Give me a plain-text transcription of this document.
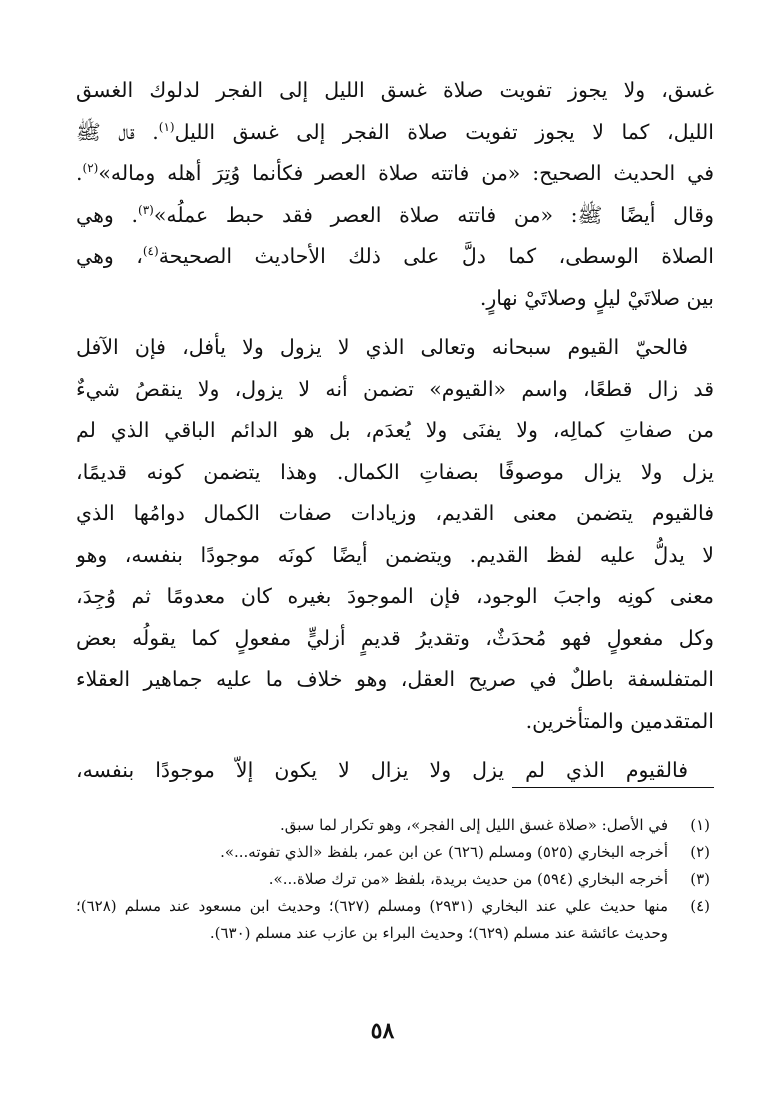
غسق، ولا يجوز تفويت صلاة غسق الليل إلى الفجر لدلوك الغسق
الليل، كما لا يجوز تفويت صلاة الفجر إلى غسق الليل$^{(١)}$. قال ﷺ
في الحديث الصحيح: «من فاتته صلاة العصر فكأنما وُتِرَ أهله وماله»$^{(٢)}$.
وقال أيضًا ﷺ: «من فاتته صلاة العصر فقد حبط عملُه»$^{(٣)}$. وهي
الصلاة الوسطى، كما دلَّ على ذلك الأحاديث الصحيحة$^{(٤)}$، وهي
بين صلاتَيْ ليلٍ وصلاتَيْ نهارٍ.

فالحيّ القيوم سبحانه وتعالى الذي لا يزول ولا يأفل، فإن الآفل
قد زال قطعًا، واسم «القيوم» تضمن أنه لا يزول، ولا ينقصُ شيءٌ
من صفاتِ كمالِه، ولا يفنَى ولا يُعدَم، بل هو الدائم الباقي الذي لم
يزل ولا يزال موصوفًا بصفاتِ الكمال. وهذا يتضمن كونه قديمًا،
فالقيوم يتضمن معنى القديم، وزيادات صفات الكمال دوامُها الذي
لا يدلُّ عليه لفظ القديم. ويتضمن أيضًا كونَه موجودًا بنفسه، وهو
معنى كونِه واجبَ الوجود، فإن الموجودَ بغيره كان معدومًا ثم وُجِدَ،
وكل مفعولٍ فهو مُحدَثٌ، وتقديرُ قديمٍ أزليٍّ مفعولٍ كما يقولُه بعض
المتفلسفة باطلٌ في صريح العقل، وهو خلاف ما عليه جماهير العقلاء
المتقدمين والمتأخرين.

فالقيوم الذي لم يزل ولا يزال لا يكون إلاّ موجودًا بنفسه،

(١)
في الأصل: «صلاة غسق الليل إلى الفجر»، وهو تكرار لما سبق.
(٢)
أخرجه البخاري (٥٢٥) ومسلم (٦٢٦) عن ابن عمر، بلفظ «الذي تفوته...».
(٣)
أخرجه البخاري (٥٩٤) من حديث بريدة، بلفظ «من ترك صلاة...».
(٤)
منها حديث علي عند البخاري (٢٩٣١) ومسلم (٦٢٧)؛ وحديث ابن مسعود عند مسلم (٦٢٨)؛ وحديث عائشة عند مسلم (٦٢٩)؛ وحديث البراء بن عازب عند مسلم (٦٣٠).
٥٨
